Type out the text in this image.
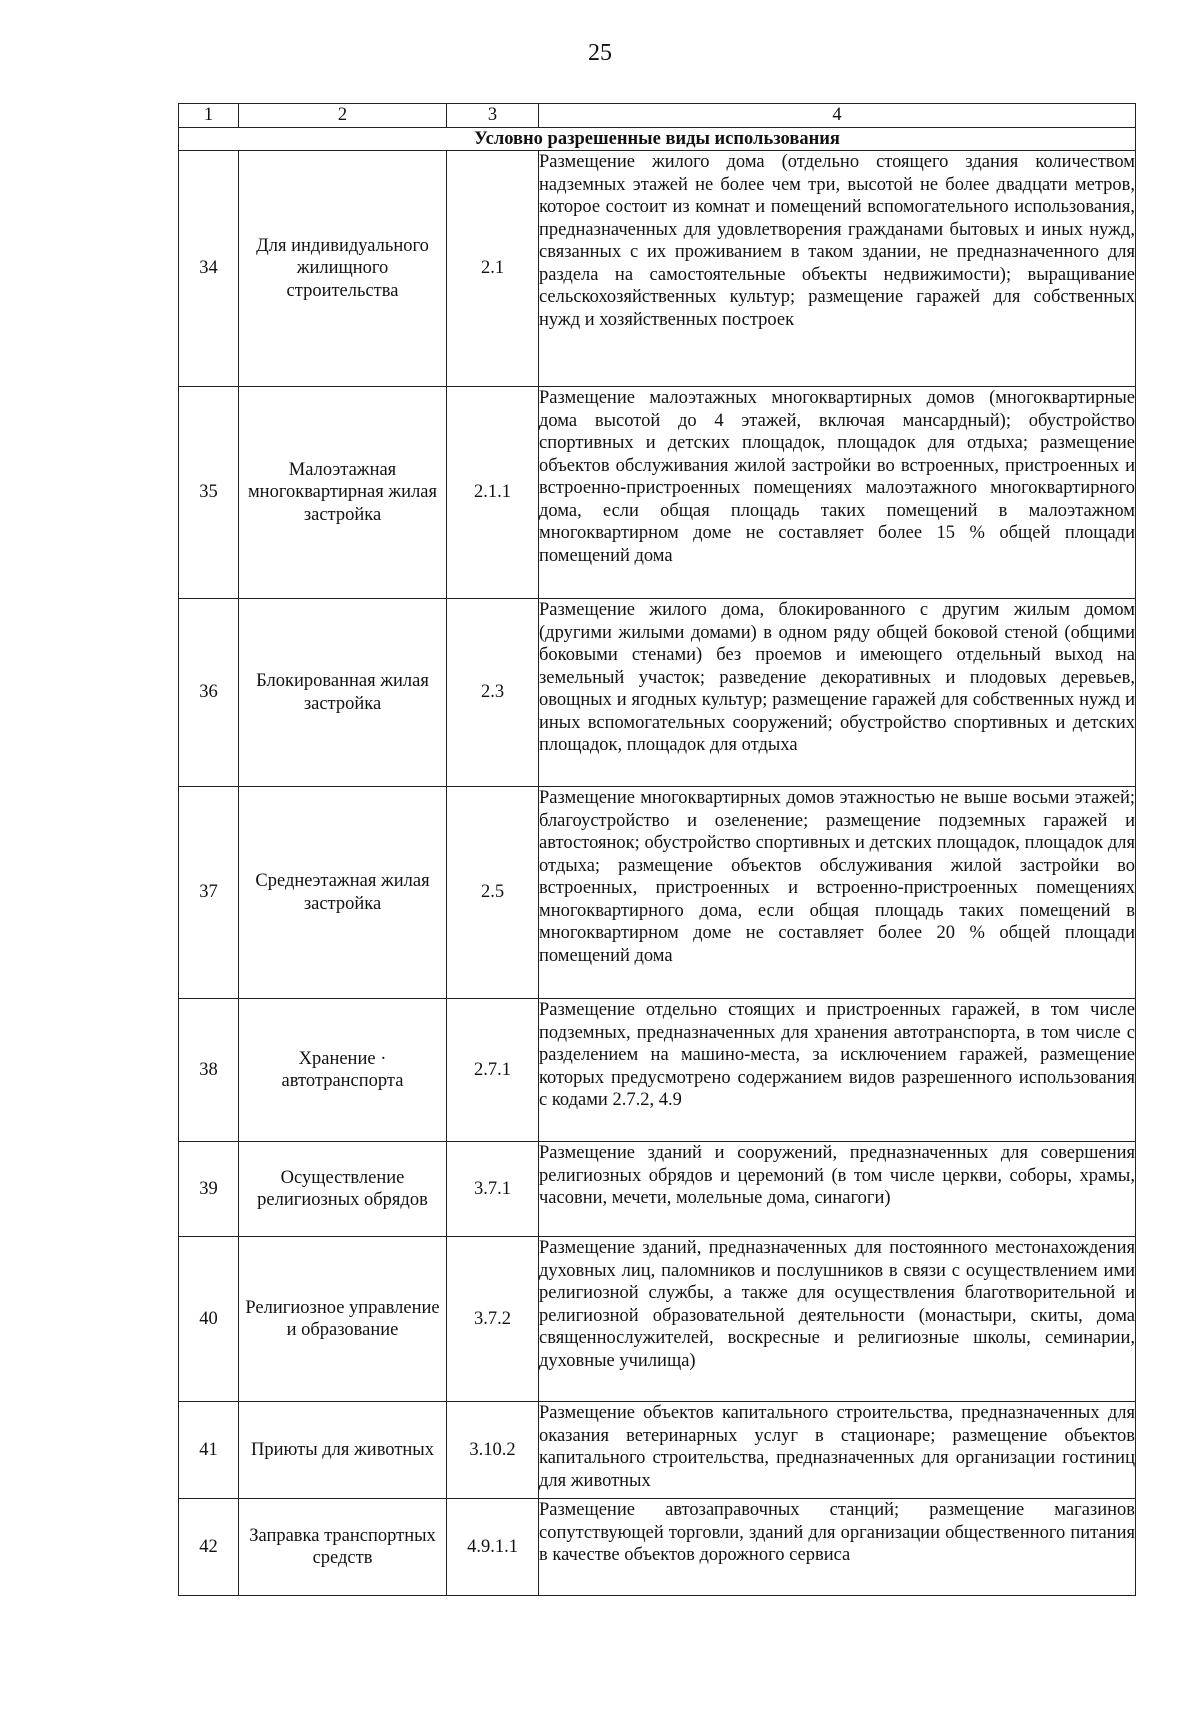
25
1	2	3	4
Условно разрешенные виды использования			
34	Для индивидуального жилищного строительства	2.1	Размещение жилого дома (отдельно стоящего здания количеством надземных этажей не более чем три, высотой не более двадцати метров, которое состоит из комнат и помещений вспомогательного использования, предназначенных для удовлетворения гражданами бытовых и иных нужд, связанных с их проживанием в таком здании, не предназначенного для раздела на самостоятельные объекты недвижимости); выращивание сельскохозяйственных культур; размещение гаражей для собственных нужд и хозяйственных построек
35	Малоэтажная многоквартирная жилая застройка	2.1.1	Размещение малоэтажных многоквартирных домов (многоквартирные дома высотой до 4 этажей, включая мансардный); обустройство спортивных и детских площадок, площадок для отдыха; размещение объектов обслуживания жилой застройки во встроенных, пристроенных и встроенно-пристроенных помещениях малоэтажного многоквартирного дома, если общая площадь таких помещений в малоэтажном многоквартирном доме не составляет более 15 % общей площади помещений дома
36	Блокированная жилая застройка	2.3	Размещение жилого дома, блокированного с другим жилым домом (другими жилыми домами) в одном ряду общей боковой стеной (общими боковыми стенами) без проемов и имеющего отдельный выход на земельный участок; разведение декоративных и плодовых деревьев, овощных и ягодных культур; размещение гаражей для собственных нужд и иных вспомогательных сооружений; обустройство спортивных и детских площадок, площадок для отдыха
37	Среднеэтажная жилая застройка	2.5	Размещение многоквартирных домов этажностью не выше восьми этажей; благоустройство и озеленение; размещение подземных гаражей и автостоянок; обустройство спортивных и детских площадок, площадок для отдыха; размещение объектов обслуживания жилой застройки во встроенных, пристроенных и встроенно-пристроенных помещениях многоквартирного дома, если общая площадь таких помещений в многоквартирном доме не составляет более 20 % общей площади помещений дома
38	Хранение · автотранспорта	2.7.1	Размещение отдельно стоящих и пристроенных гаражей, в том числе подземных, предназначенных для хранения автотранспорта, в том числе с разделением на машино-места, за исключением гаражей, размещение которых предусмотрено содержанием видов разрешенного использования с кодами 2.7.2, 4.9
39	Осуществление религиозных обрядов	3.7.1	Размещение зданий и сооружений, предназначенных для совершения религиозных обрядов и церемоний (в том числе церкви, соборы, храмы, часовни, мечети, молельные дома, синагоги)
40	Религиозное управление и образование	3.7.2	Размещение зданий, предназначенных для постоянного местонахождения духовных лиц, паломников и послушников в связи с осуществлением ими религиозной службы, а также для осуществления благотворительной и религиозной образовательной деятельности (монастыри, скиты, дома священнослужителей, воскресные и религиозные школы, семинарии, духовные училища)
41	Приюты для животных	3.10.2	Размещение объектов капитального строительства, предназначенных для оказания ветеринарных услуг в стационаре; размещение объектов капитального строительства, предназначенных для организации гостиниц для животных
42	Заправка транспортных средств	4.9.1.1	Размещение автозаправочных станций; размещение магазинов сопутствующей торговли, зданий для организации общественного питания в качестве объектов дорожного сервиса
